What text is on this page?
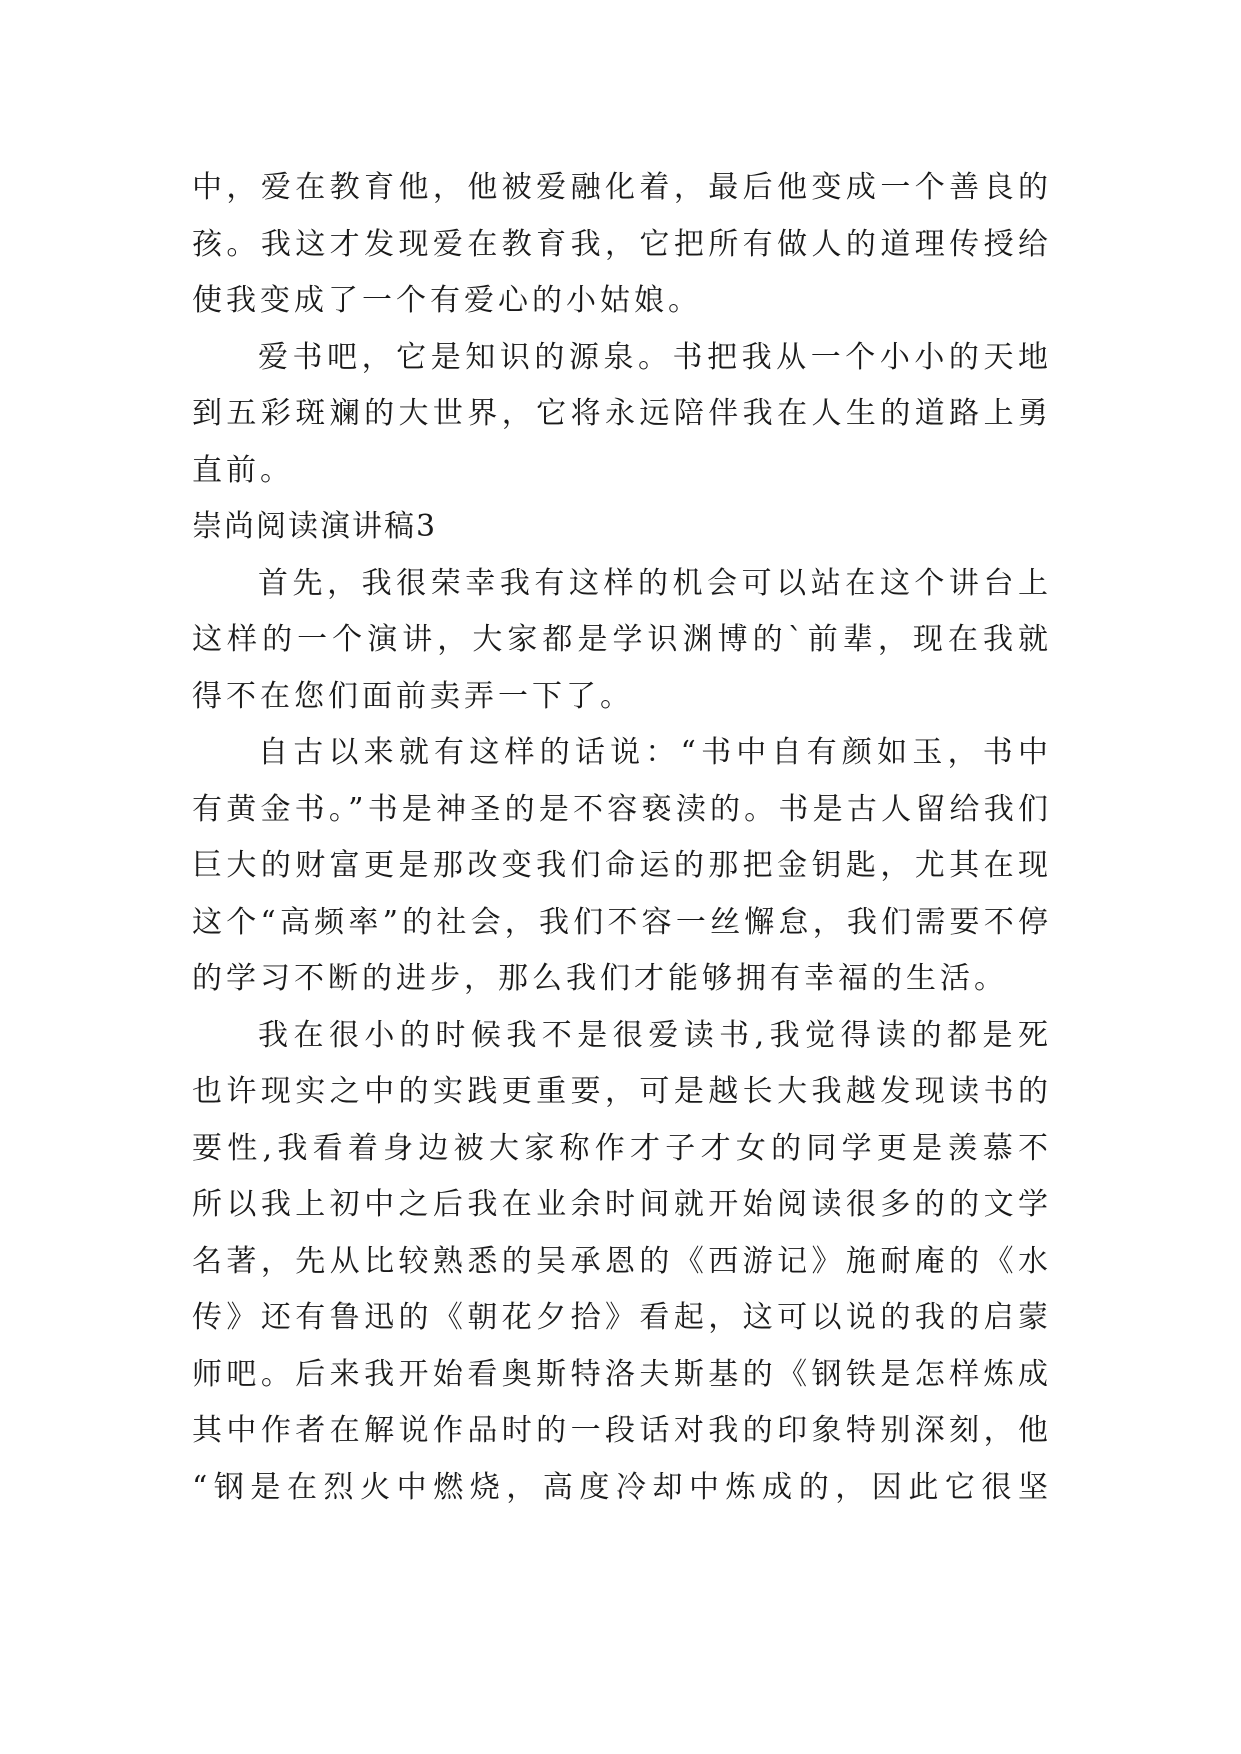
中，爱在教育他，他被爱融化着，最后他变成一个善良的
孩。我这才发现爱在教育我，它把所有做人的道理传授给
使我变成了一个有爱心的小姑娘。
爱书吧，它是知识的源泉。书把我从一个小小的天地
到五彩斑斓的大世界，它将永远陪伴我在人生的道路上勇
直前。
崇尚阅读演讲稿3
首先，我很荣幸我有这样的机会可以站在这个讲台上
这样的一个演讲，大家都是学识渊博的`前辈，现在我就
得不在您们面前卖弄一下了。
自古以来就有这样的话说：“书中自有颜如玉，书中
有黄金书。”书是神圣的是不容亵渎的。书是古人留给我们
巨大的财富更是那改变我们命运的那把金钥匙，尤其在现
这个“高频率”的社会，我们不容一丝懈怠，我们需要不停
的学习不断的进步，那么我们才能够拥有幸福的生活。
我在很小的时候我不是很爱读书,我觉得读的都是死
也许现实之中的实践更重要，可是越长大我越发现读书的
要性,我看着身边被大家称作才子才女的同学更是羡慕不
所以我上初中之后我在业余时间就开始阅读很多的的文学
名著，先从比较熟悉的吴承恩的《西游记》施耐庵的《水
传》还有鲁迅的《朝花夕拾》看起，这可以说的我的启蒙
师吧。后来我开始看奥斯特洛夫斯基的《钢铁是怎样炼成
其中作者在解说作品时的一段话对我的印象特别深刻，他
“钢是在烈火中燃烧，高度冷却中炼成的，因此它很坚
